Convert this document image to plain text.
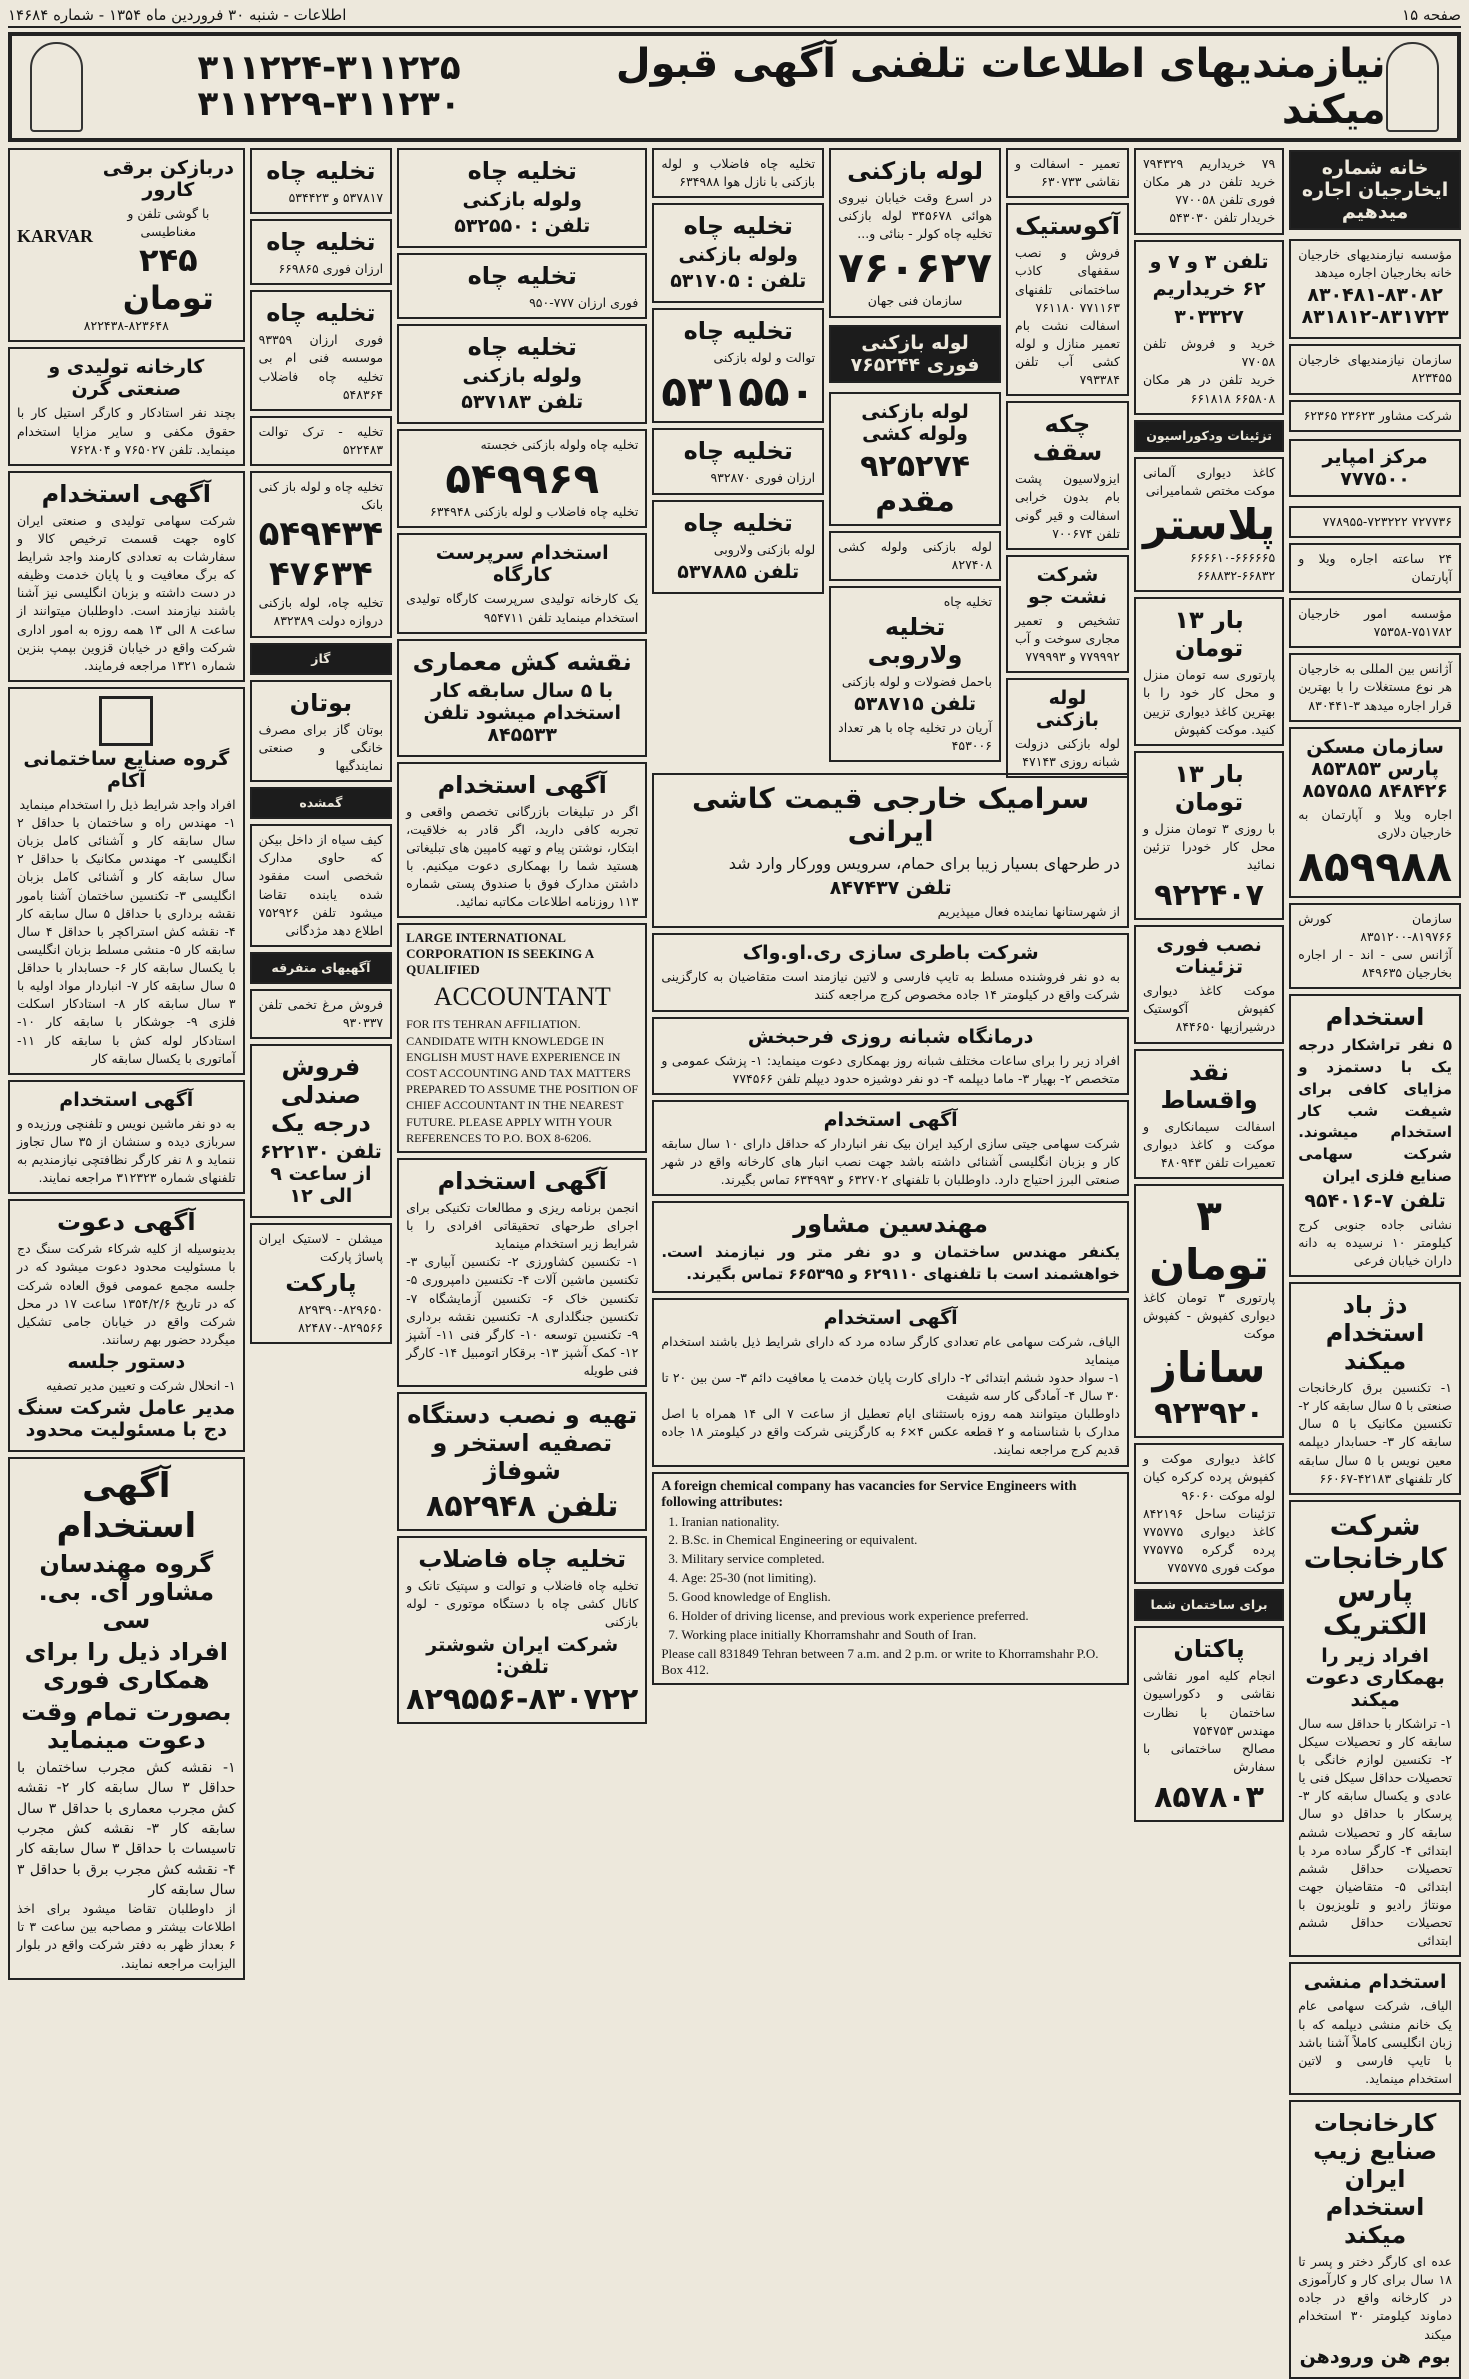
صفحه ۱۵
اطلاعات - شنبه ۳۰ فروردین ماه ۱۳۵۴ - شماره ۱۴۶۸۴
نیازمندیهای اطلاعات تلفنی آگهی قبول میکند
۳۱۱۲۲۴-۳۱۱۲۲۵ ۳۱۱۲۲۹-۳۱۱۲۳۰
خانه شماره ایخارجیان اجاره میدهیم
مؤسسه نیازمندیهای خارجیان خانه بخارجیان اجاره میدهد
۸۳۰۴۸۱-۸۳۰۸۲ ۸۳۱۸۱۲-۸۳۱۷۲۳
سازمان نیازمندیهای خارجیان ۸۲۳۴۵۵
شرکت مشاور ۲۳۶۲۳ ۶۲۳۶۵
مرکز امپایر ۷۷۷۵۰۰
۷۲۷۷۳۶ ۷۷۸۹۵۵-۷۲۳۲۲۲
۲۴ ساعته اجاره ویلا و آپارتمان
مؤسسه امور خارجیان ۷۵۱۷۸۲-۷۵۳۵۸
آژانس بین المللی به خارجیان هر نوع مستغلات را با بهترین قرار اجاره میدهد ۳-۸۳۰۴۴۱
سازمان مسکن پارس ۸۵۳۸۵۳ ۸۴۸۴۲۶ ۸۵۷۵۸۵
اجاره ویلا و آپارتمان به خارجیان دلاری
۸۵۹۹۸۸
سازمان کورش ۸۱۹۷۶۶-۸۳۵۱۲۰۰
آژانس سی - اند - ار اجاره بخارجیان ۸۴۹۶۳۵
استخدام
۵ نفر تراشکار درجه یک با دستمزد و مزایای کافی برای شیفت شب کار استخدام میشوند. شرکت سهامی صنایع فلزی ایران
تلفن ۷-۹۵۴۰۱۶
نشانی جاده جنوبی کرج کیلومتر ۱۰ نرسیده به دانه داران خیابان فرعی
دژ باد استخدام میکند
۱- تکنسین برق کارخانجات صنعتی با ۵ سال سابقه کار ۲- تکنسین مکانیک با ۵ سال سابقه کار ۳- حسابدار دیپلمه معین نویس با ۵ سال سابقه کار تلفنهای ۴۲۱۸۳-۶۶۰۶۷
شرکت کارخانجات پارس الکتریک
افراد زیر را بهمکاری دعوت میکند
۱- تراشکار با حداقل سه سال سابقه کار و تحصیلات سیکل ۲- تکنسین لوازم خانگی با تحصیلات حداقل سیکل فنی یا عادی و یکسال سابقه کار ۳- پرسکار با حداقل دو سال سابقه کار و تحصیلات ششم ابتدائی ۴- کارگر ساده مرد با تحصیلات حداقل ششم ابتدائی ۵- متقاضیان جهت مونتاژ رادیو و تلویزیون با تحصیلات حداقل ششم ابتدائی
استخدام منشی
الیاف، شرکت سهامی عام یک خانم منشی دیپلمه که با زبان انگلیسی کاملاً آشنا باشد با تایپ فارسی و لاتین استخدام مینماید.
کارخانجات صنایع زیپ ایران استخدام میکند
عده ای کارگر دختر و پسر تا ۱۸ سال برای کار و کارآموزی در کارخانه واقع در جاده دماوند کیلومتر ۳۰ استخدام میکند
بوم هن ورودهن
۷۹ خریداریم ۷۹۴۳۲۹ خرید تلفن در هر مکان فوری تلفن ۷۷۰۰۵۸
خریدار تلفن ۵۴۳۰۳۰
تلفن ۳ و ۷ و ۶۲ خریداریم ۳۰۳۳۲۷
خرید و فروش تلفن ۷۷۰۵۸
خرید تلفن در هر مکان ۶۶۵۸۰۸ ۶۶۱۸۱۸
تزئینات ودکوراسیون
کاغذ دیواری آلمانی موکت مختص شمامیرانی
پلاستر
۶۶۶۶۱۰-۶۶۶۶۶۵ ۶۶۸۸۳۲-۶۶۸۳۲
بار ۱۳ تومان
پارتوری سه تومان منزل و محل کار خود را با بهترین کاغذ دیواری تزیین کنید. موکت کفپوش
بار ۱۳ تومان
با روزی ۳ تومان منزل و محل کار خودرا تزئین نمائید
۹۲۲۴۰۷
نصب فوری تزئینات
موکت کاغذ دیواری کفپوش آکوستیک درشیرازیها ۸۴۴۶۵۰
نقد واقساط
اسفالت سیمانکاری و موکت و کاغذ دیواری تعمیرات تلفن ۴۸۰۹۴۳
۳ تومان
پارتوری ۳ تومان کاغذ دیواری کفپوش - کفپوش موکت
ساناز
۹۲۳۹۲۰
کاغذ دیواری موکت و کفپوش پرده کرکره کیان لوله موکت ۹۶۰۶۰
تزئینات ساحل ۸۴۲۱۹۶ کاغذ دیواری ۷۷۵۷۷۵ پرده گرکره ۷۷۵۷۷۵ موکت فوری ۷۷۵۷۷۵
برای ساختمان شما
پاکتان
انجام کلیه امور نقاشی نقاشی و دکوراسیون ساختمان با نظارت مهندس ۷۵۴۷۵۳
مصالح ساختمانی با سفارش
۸۵۷۸۰۳
تعمیر - اسفالت و نقاشی ۶۳۰۷۳۳
آکوستیک
فروش و نصب سقفهای کاذب ساختمانی تلفنهای ۷۷۱۱۶۳ ۷۶۱۱۸۰
اسفالت نشت بام تعمیر منازل و لوله کشی آب تلفن ۷۹۳۳۸۴
چکه سقف
ایزولاسیون پشت بام بدون خرابی اسفالت و قیر گونی تلفن ۷۰۰۶۷۴
شرکت نشت جو
تشخیص و تعمیر مجاری سوخت و آب ۷۷۹۹۹۲ و ۷۷۹۹۹۳
لوله بازکنی
لوله بازکنی دزولت شبانه روزی ۴۷۱۴۳
لوله بازکنی
در اسرع وقت خیابان نیروی هوائی ۳۴۵۶۷۸ لوله بازکنی تخلیه چاه کولر - بنائی و...
۷۶۰۶۲۷
سازمان فنی جهان
لوله بازکنی فوری ۷۶۵۲۴۴
لوله بازکنی ولوله کشی
۹۲۵۲۷۴ مقدم
لوله بازکنی ولوله کشی ۸۲۷۴۰۸
تخلیه چاه
تخلیه ولاروبی
باحمل فضولات و لوله بازکنی
تلفن ۵۳۸۷۱۵
آریان در تخلیه چاه با هر تعداد ۴۵۳۰۰۶
تخلیه چاه فاضلاب و لوله بازکنی با نازل هوا ۶۳۴۹۸۸
تخلیه چاه
ولوله بازکنی
تلفن : ۵۳۱۷۰۵
تخلیه چاه
توالت و لوله بازکنی
۵۳۱۵۵۰
تخلیه چاه
ارزان فوری ۹۳۲۸۷۰
تخلیه چاه
لوله بازکنی ولاروبی
تلفن ۵۳۷۸۸۵
سرامیک خارجی قیمت کاشی ایرانی
در طرحهای بسیار زیبا برای حمام، سرویس وورکار وارد شد
تلفن ۸۴۷۴۳۷
از شهرستانها نماینده فعال میپذیریم
شرکت باطری سازی ری.او.واک
به دو نفر فروشنده مسلط به تایپ فارسی و لاتین نیازمند است متقاضیان به کارگزینی شرکت واقع در کیلومتر ۱۴ جاده مخصوص کرج مراجعه کنند
درمانگاه شبانه روزی فرحبخش
افراد زیر را برای ساعات مختلف شبانه روز بهمکاری دعوت مینماید: ۱- پزشک عمومی و متخصص ۲- بهیار ۳- ماما دیپلمه ۴- دو نفر دوشیزه حدود دیپلم تلفن ۷۷۴۵۶۶
آگهی استخدام
شرکت سهامی جیتی سازی ارکید ایران بیک نفر انباردار که حداقل دارای ۱۰ سال سابقه کار و بزبان انگلیسی آشنائی داشته باشد جهت نصب انبار های کارخانه واقع در شهر صنعتی البرز احتیاج دارد. داوطلبان با تلفنهای ۶۳۲۷۰۲ و ۶۳۴۹۹۳ تماس بگیرند.
مهندسین مشاور
یکنفر مهندس ساختمان و دو نفر متر ور نیازمند است. خواهشمند است با تلفنهای ۶۲۹۱۱۰ و ۶۶۵۳۹۵ تماس بگیرند.
آگهی استخدام
الیاف، شرکت سهامی عام تعدادی کارگر ساده مرد که دارای شرایط ذیل باشند استخدام مینماید
۱- سواد حدود ششم ابتدائی ۲- دارای کارت پایان خدمت یا معافیت دائم ۳- سن بین ۲۰ تا ۳۰ سال ۴- آمادگی کار سه شیفت
داوطلبان میتوانند همه روزه باستثنای ایام تعطیل از ساعت ۷ الی ۱۴ همراه با اصل مدارک با شناسنامه و ۲ قطعه عکس ۴×۶ به کارگزینی شرکت واقع در کیلومتر ۱۸ جاده قدیم کرج مراجعه نمایند.
A foreign chemical company has vacancies for Service Engineers with following attributes:
1. Iranian nationality.
2. B.Sc. in Chemical Engineering or equivalent.
3. Military service completed.
4. Age: 25-30 (not limiting).
5. Good knowledge of English.
6. Holder of driving license, and previous work experience preferred.
7. Working place initially Khorramshahr and South of Iran.
Please call 831849 Tehran between 7 a.m. and 2 p.m. or write to Khorramshahr P.O. Box 412.
تخلیه چاه
ولوله بازکنی
تلفن : ۵۳۲۵۵۰
تخلیه چاه
فوری ارزان ۷۷۷-۹۵۰
تخلیه چاه
ولوله بازکنی
تلفن ۵۳۷۱۸۳
تخلیه چاه ولوله بازکنی خجسته
۵۴۹۹۶۹
تخلیه چاه فاضلاب و لوله بازکنی ۶۳۴۹۴۸
استخدام سرپرست کارگاه
یک کارخانه تولیدی سرپرست کارگاه تولیدی استخدام مینماید تلفن ۹۵۴۷۱۱
نقشه کش معماری
با ۵ سال سابقه کار استخدام میشود تلفن ۸۴۵۵۳۳
آگهی استخدام
اگر در تبلیغات بازرگانی تخصص واقعی و تجربه کافی دارید، اگر قادر به خلاقیت، ابتکار، نوشتن پیام و تهیه کامپین های تبلیغاتی هستید شما را بهمکاری دعوت میکنیم. با داشتن مدارک فوق با صندوق پستی شماره ۱۱۳ روزنامه اطلاعات مکاتبه نمائید.
LARGE INTERNATIONAL CORPORATION IS SEEKING A QUALIFIED
ACCOUNTANT
FOR ITS TEHRAN AFFILIATION. CANDIDATE WITH KNOWLEDGE IN ENGLISH MUST HAVE EXPERIENCE IN COST ACCOUNTING AND TAX MATTERS PREPARED TO ASSUME THE POSITION OF CHIEF ACCOUNTANT IN THE NEAREST FUTURE. PLEASE APPLY WITH YOUR REFERENCES TO P.O. BOX 8-6206.
آگهی استخدام
انجمن برنامه ریزی و مطالعات تکنیکی برای اجرای طرحهای تحقیقاتی افرادی را با شرایط زیر استخدام مینماید
۱- تکنسین کشاورزی ۲- تکنسین آبیاری ۳- تکنسین ماشین آلات ۴- تکنسین دامپروری ۵- تکنسین خاک ۶- تکنسین آزمایشگاه ۷- تکنسین جنگلداری ۸- تکنسین نقشه برداری ۹- تکنسین توسعه ۱۰- کارگر فنی ۱۱- آشپز ۱۲- کمک آشپز ۱۳- برقکار اتومبیل ۱۴- کارگر فنی طویله
تهیه و نصب دستگاه تصفیه استخر و شوفاژ
تلفن ۸۵۲۹۴۸
تخلیه چاه فاضلاب
تخلیه چاه فاضلاب و توالت و سپتیک تانک و کانال کشی چاه با دستگاه موتوری - لوله بازکنی
شرکت ایران شوشتر تلفن:
۸۲۹۵۵۶-۸۳۰۷۲۲
تخلیه چاه
۵۳۷۸۱۷ و ۵۳۴۴۲۳
تخلیه چاه
ارزان فوری ۶۶۹۸۶۵
تخلیه چاه
فوری ارزان ۹۳۳۵۹ موسسه فنی ام بی تخلیه چاه فاضلاب ۵۴۸۳۶۴
تخلیه - ترک توالت ۵۲۲۴۸۳
تخلیه چاه و لوله باز کنی بانک
۵۴۹۴۳۴ ۴۷۶۳۴
تخلیه چاه، لوله بازکنی دروازه دولت ۸۳۲۳۸۹
گاز
بوتان
بوتان گاز برای مصرف خانگی و صنعتی نمایندگیها
گمشده
کیف سیاه از داخل بیکن که حاوی مدارک شخصی است مفقود شده یابنده تقاضا میشود تلفن ۷۵۲۹۲۶ اطلاع دهد مژدگانی
آگهیهای متفرقه
فروش مرغ تخمی تلفن ۹۳۰۳۳۷
فروش صندلی درجه یک
تلفن ۶۲۲۱۳۰ از ساعت ۹ الی ۱۲
میشلن - لاستیک ایران پاساژ پارکت
پارکت
۸۲۹۳۹۰-۸۲۹۶۵۰ ۸۲۴۸۷۰-۸۲۹۵۶۶
دربازکن برقی کارور
با گوشی تلفن و مغناطیسی
۲۴۵ تومان
KARVAR
۸۲۲۴۳۸-۸۲۳۶۴۸
کارخانه تولیدی و صنعتی گرن
بچند نفر استادکار و کارگر استیل کار با حقوق مکفی و سایر مزایا استخدام مینماید. تلفن ۷۶۵۰۲۷ و ۷۶۲۸۰۴
آگهی استخدام
شرکت سهامی تولیدی و صنعتی ایران کاوه جهت قسمت ترخیص کالا و سفارشات به تعدادی کارمند واجد شرایط که برگ معافیت و یا پایان خدمت وظیفه در دست داشته و بزبان انگلیسی نیز آشنا باشند نیازمند است. داوطلبان میتوانند از ساعت ۸ الی ۱۳ همه روزه به امور اداری شرکت واقع در خیابان قزوین بپمپ بنزین شماره ۱۳۲۱ مراجعه فرمایند.
گروه صنایع ساختمانی آکام
افراد واجد شرایط ذیل را استخدام مینماید
۱- مهندس راه و ساختمان با حداقل ۲ سال سابقه کار و آشنائی کامل بزبان انگلیسی ۲- مهندس مکانیک با حداقل ۲ سال سابقه کار و آشنائی کامل بزبان انگلیسی ۳- تکنسین ساختمان آشنا بامور نقشه برداری با حداقل ۵ سال سابقه کار ۴- نقشه کش استراکچر با حداقل ۴ سال سابقه کار ۵- منشی مسلط بزبان انگلیسی با یکسال سابقه کار ۶- حسابدار با حداقل ۵ سال سابقه کار ۷- انباردار مواد اولیه با ۳ سال سابقه کار ۸- استادکار اسکلت فلزی ۹- جوشکار با سابقه کار ۱۰- استادکار لوله کش با سابقه کار ۱۱- آماتوری با یکسال سابقه کار
آگهی استخدام
به دو نفر ماشین نویس و تلفنچی ورزیده و سربازی دیده و سنشان از ۳۵ سال تجاوز ننماید و ۸ نفر کارگر نظافتچی نیازمندیم به تلفنهای شماره ۳۱۲۳۲۳ مراجعه نمایند.
آگهی دعوت
بدینوسیله از کلیه شرکاء شرکت سنگ دج با مسئولیت محدود دعوت میشود که در جلسه مجمع عمومی فوق العاده شرکت که در تاریخ ۱۳۵۴/۲/۶ ساعت ۱۷ در محل شرکت واقع در خیابان جامی تشکیل میگردد حضور بهم رسانند.
دستور جلسه
۱- انحلال شرکت و تعیین مدیر تصفیه
مدیر عامل شرکت سنگ دج با مسئولیت محدود
آگهی استخدام
گروه مهندسان مشاور آی. بی. سی
افراد ذیل را برای همکاری فوری
بصورت تمام وقت دعوت مینماید
۱- نقشه کش مجرب ساختمان با حداقل ۳ سال سابقه کار ۲- نقشه کش مجرب معماری با حداقل ۳ سال سابقه کار ۳- نقشه کش مجرب تاسیسات با حداقل ۳ سال سابقه کار ۴- نقشه کش مجرب برق با حداقل ۳ سال سابقه کار
از داوطلبان تقاضا میشود برای اخذ اطلاعات بیشتر و مصاحبه بین ساعت ۳ تا ۶ بعداز ظهر به دفتر شرکت واقع در بلوار الیزابت مراجعه نمایند.
